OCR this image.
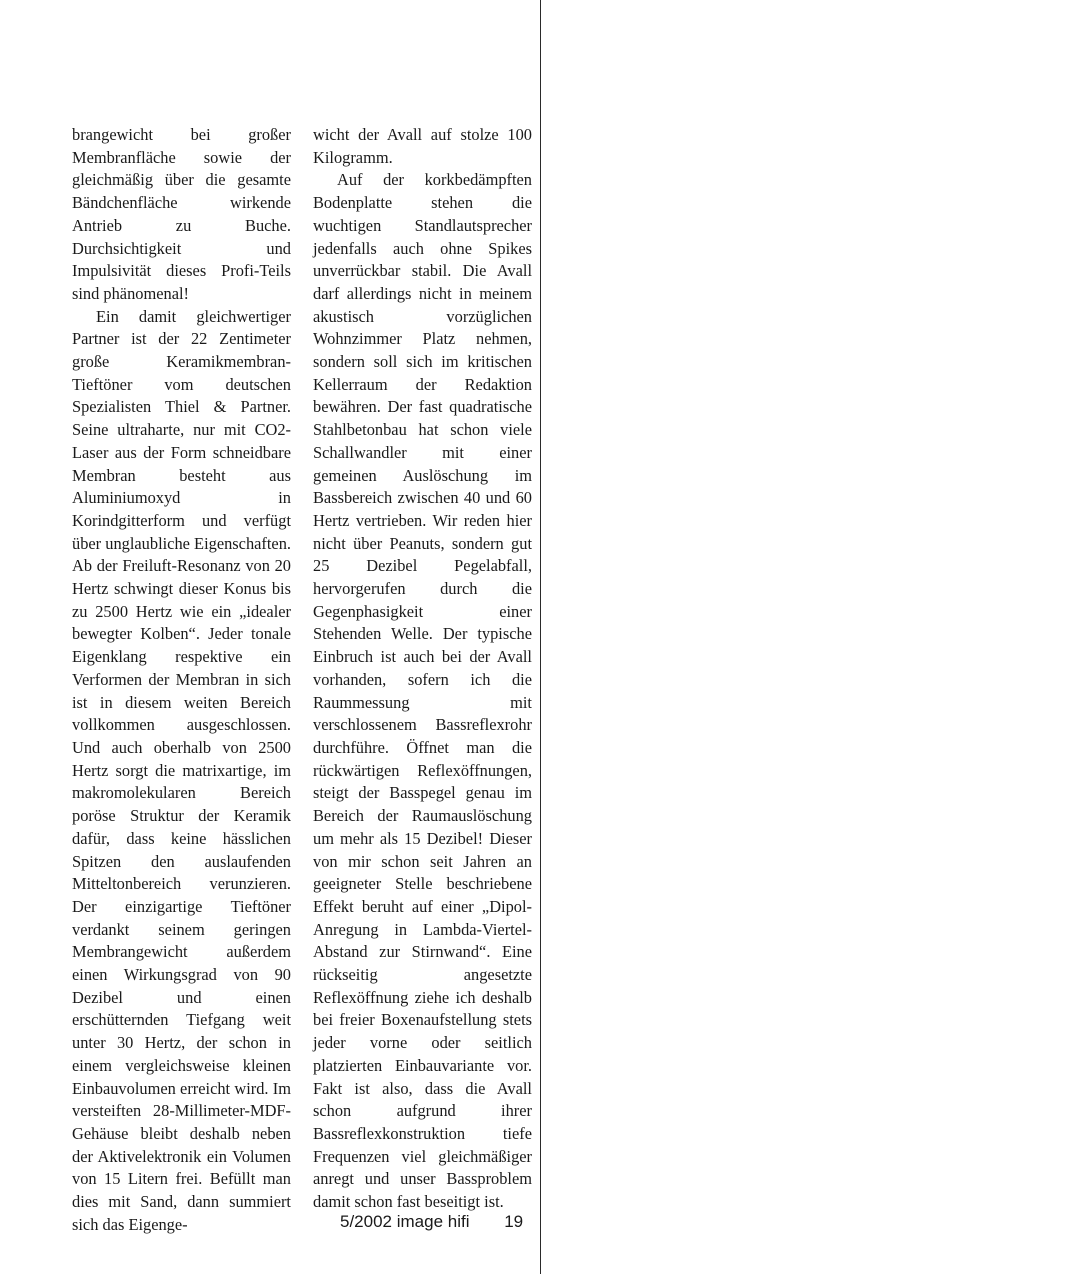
brangewicht bei großer Membranfläche sowie der gleichmäßig über die gesamte Bändchenfläche wirkende Antrieb zu Buche. Durchsichtigkeit und Impulsivität dieses Profi-Teils sind phänomenal!

Ein damit gleichwertiger Partner ist der 22 Zentimeter große Keramikmembran-Tieftöner vom deutschen Spezialisten Thiel & Partner. Seine ultraharte, nur mit CO2-Laser aus der Form schneidbare Membran besteht aus Aluminiumoxyd in Korindgitterform und verfügt über unglaubliche Eigenschaften. Ab der Freiluft-Resonanz von 20 Hertz schwingt dieser Konus bis zu 2500 Hertz wie ein „idealer bewegter Kolben“. Jeder tonale Eigenklang respektive ein Verformen der Membran in sich ist in diesem weiten Bereich vollkommen ausgeschlossen. Und auch oberhalb von 2500 Hertz sorgt die matrixartige, im makromolekularen Bereich poröse Struktur der Keramik dafür, dass keine hässlichen Spitzen den auslaufenden Mitteltonbereich verunzieren. Der einzigartige Tieftöner verdankt seinem geringen Membrangewicht außerdem einen Wirkungsgrad von 90 Dezibel und einen erschütternden Tiefgang weit unter 30 Hertz, der schon in einem vergleichsweise kleinen Einbauvolumen erreicht wird. Im versteiften 28-Millimeter-MDF-Gehäuse bleibt deshalb neben der Aktivelektronik ein Volumen von 15 Litern frei. Befüllt man dies mit Sand, dann summiert sich das Eigenge-

wicht der Avall auf stolze 100 Kilogramm.

Auf der korkbedämpften Bodenplatte stehen die wuchtigen Standlautsprecher jedenfalls auch ohne Spikes unverrückbar stabil. Die Avall darf allerdings nicht in meinem akustisch vorzüglichen Wohnzimmer Platz nehmen, sondern soll sich im kritischen Kellerraum der Redaktion bewähren. Der fast quadratische Stahlbetonbau hat schon viele Schallwandler mit einer gemeinen Auslöschung im Bassbereich zwischen 40 und 60 Hertz vertrieben. Wir reden hier nicht über Peanuts, sondern gut 25 Dezibel Pegelabfall, hervorgerufen durch die Gegenphasigkeit einer Stehenden Welle. Der typische Einbruch ist auch bei der Avall vorhanden, sofern ich die Raummessung mit verschlossenem Bassreflexrohr durchführe. Öffnet man die rückwärtigen Reflexöffnungen, steigt der Basspegel genau im Bereich der Raumauslöschung um mehr als 15 Dezibel! Dieser von mir schon seit Jahren an geeigneter Stelle beschriebene Effekt beruht auf einer „Dipol-Anregung in Lambda-Viertel-Abstand zur Stirnwand“. Eine rückseitig angesetzte Reflexöffnung ziehe ich deshalb bei freier Boxenaufstellung stets jeder vorne oder seitlich platzierten Einbauvariante vor. Fakt ist also, dass die Avall schon aufgrund ihrer Bassreflexkonstruktion tiefe Frequenzen viel gleichmäßiger anregt und unser Bassproblem damit schon fast beseitigt ist.

5/2002 image hifi 19
